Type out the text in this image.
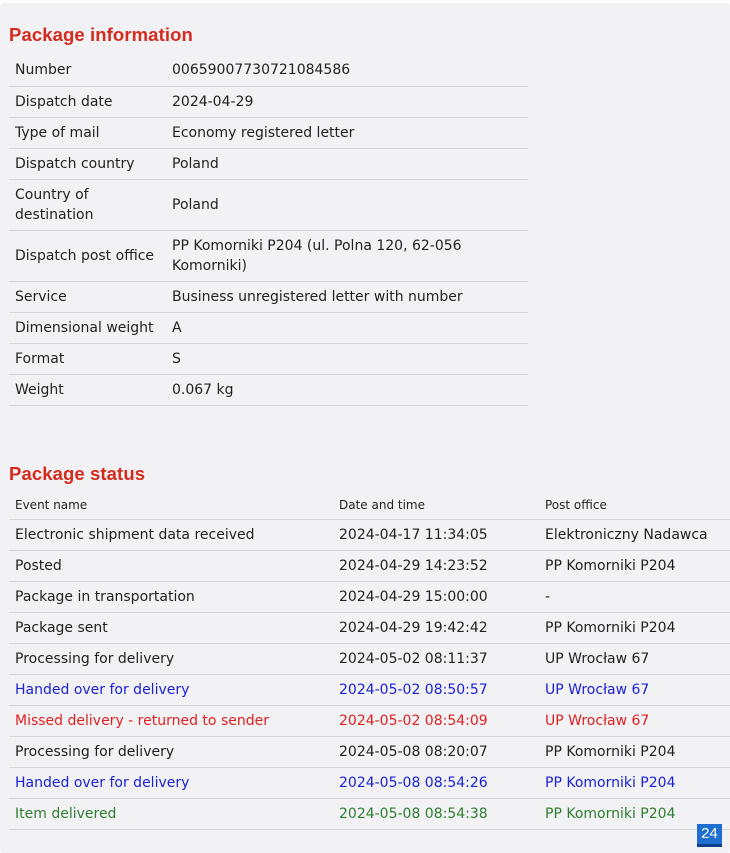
Package information
Number	00659007730721084586
Dispatch date	2024-04-29
Type of mail	Economy registered letter
Dispatch country	Poland
Country of destination	Poland
Dispatch post office	PP Komorniki P204 (ul. Polna 120, 62-056 Komorniki)
Service	Business unregistered letter with number
Dimensional weight	A
Format	S
Weight	0.067 kg
Package status
Event name	Date and time	Post office
Electronic shipment data received	2024-04-17 11:34:05	Elektroniczny Nadawca
Posted	2024-04-29 14:23:52	PP Komorniki P204
Package in transportation	2024-04-29 15:00:00	-
Package sent	2024-04-29 19:42:42	PP Komorniki P204
Processing for delivery	2024-05-02 08:11:37	UP Wrocław 67
Handed over for delivery	2024-05-02 08:50:57	UP Wrocław 67
Missed delivery - returned to sender	2024-05-02 08:54:09	UP Wrocław 67
Processing for delivery	2024-05-08 08:20:07	PP Komorniki P204
Handed over for delivery	2024-05-08 08:54:26	PP Komorniki P204
Item delivered	2024-05-08 08:54:38	PP Komorniki P204
24
